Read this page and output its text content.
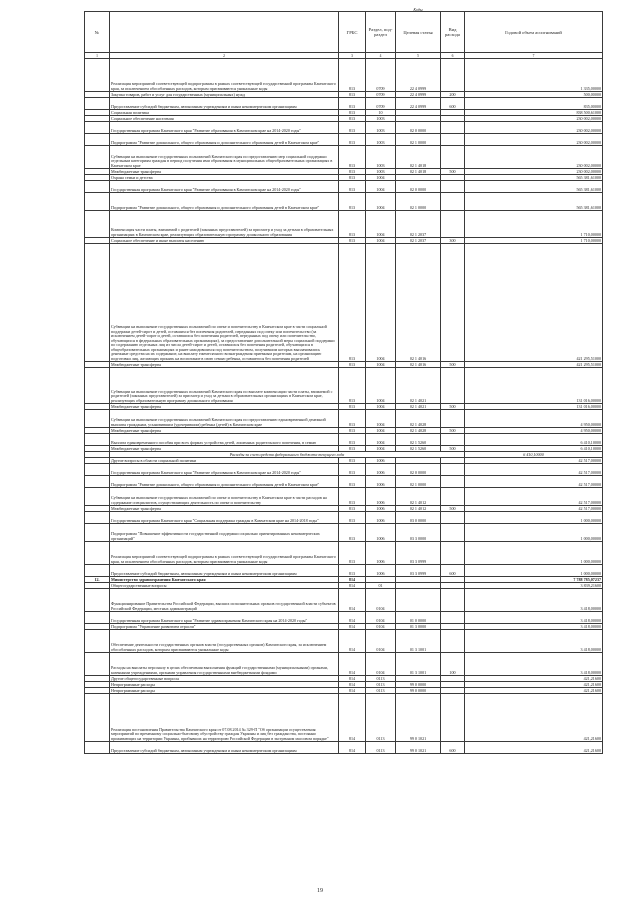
Коды
№		ГРБС	Раздел, под-раздел	Целевая статья	Вид расхода	Годовой объем ассигнований
1	2	3	4	5	6	7
	Реализация мероприятий соответствующей подпрограммы в рамках соответствующей государственной программы Камчатского края, за исключением обособленных расходов, которым присваиваются уникальные коды	813	0709	22 4 0999		1 335,00000
	Закупка товаров, работ и услуг для государственных (муниципальных) нужд	813	0709	22 4 0999	200	500,00000
	Предоставление субсидий бюджетным, автономным учреждениям и иным некоммерческим организациям	813	0709	22 4 0999	600	835,00000
	Социальная политика	813	10			838 500,61000
	Социальное обеспечение населения	813	1003			230 002,00000
	Государственная программа Камчатского края "Развитие образования в Камчатском крае на 2014-2020 годы"	813	1003	02 0 0000		230 002,00000
	Подпрограмма "Развитие дошкольного, общего образования и дополнительного образования детей в Камчатском крае"	813	1003	02 1 0000		230 002,00000
	Субвенции на выполнение государственных полномочий Камчатского края по предоставлению мер социальной поддержки отдельным категориям граждан в период получения ими образования в муниципальных общеобразовательных организациях в Камчатском крае	813	1003	02 1 4018		230 002,00000
	Межбюджетные трансферты	813	1003	02 1 4018	500	230 002,00000
	Охрана семьи и детства	813	1004			565 381,61000
	Государственная программа Камчатского края "Развитие образования в Камчатском крае на 2014-2020 годы"	813	1004	02 0 0000		565 381,61000
	Подпрограмма "Развитие дошкольного, общего образования и дополнительного образования детей в Камчатском крае"	813	1004	02 1 0000		565 381,61000
	Компенсация части платы, взимаемой с родителей (законных представителей) за присмотр и уход за детьми в образовательных организациях в Камчатском крае, реализующих образовательную программу дошкольного образования	813	1004	02 1 2037		1 710,00000
	Социальное обеспечение и иные выплаты населению	813	1004	02 1 2037	300	1 710,00000
	Субвенции на выполнение государственных полномочий по опеке и попечительству в Камчатском крае в части социальной поддержки детей-сирот и детей, оставшихся без попечения родителей, переданных под опеку или попечительство (за исключением детей-сирот и детей, оставшихся без попечения родителей, переданных под опеку или попечительство, обучающихся в федеральных образовательных организациях), за предоставление дополнительной меры социальной поддержки по содержанию отдельных лиц из числа детей-сирот и детей, оставшихся без попечения родителей, обучающихся в общеобразовательных организациях и ранее находившихся под попечительством, получившим которых выплачивались денежные средства на их содержание, на выплату ежемесячного вознаграждения приемным родителям, на организацию подготовки лиц, желающих принять на воспитание в свою семью ребенка, оставшегося без попечения родителей	813	1004	02 1 4016		421 295,51000
	Межбюджетные трансферты	813	1004	02 1 4016	500	421 295,51000
	Субвенции на выполнение государственных полномочий Камчатского края по выплате компенсации части платы, взимаемой с родителей (законных представителей) за присмотр и уход за детьми в образовательных организациях в Камчатском крае, реализующих образовательную программу дошкольного образования	813	1004	02 1 4021		131 016,00000
	Межбюджетные трансферты	813	1004	02 1 4021	500	131 016,00000
	Субвенции на выполнение государственных полномочий Камчатского края по предоставлению единовременной денежной выплаты гражданам, усыновившим (удочерившим) ребенка (детей) в Камчатском крае	813	1004	02 1 4028		4 950,00000
	Межбюджетные трансферты	813	1004	02 1 4028	500	4 950,00000
	Выплата единовременного пособия при всех формах устройства детей, лишенных родительского попечения, в семью	813	1004	02 1 5260		6 410,10000
	Межбюджетные трансферты	813	1004	02 1 5260	500	6 410,10000
	Расходы за счет средств федерального бюджета текущего года					6 410,10000
	Другие вопросы в области социальной политики	813	1006			42 517,00000
	Государственная программа Камчатского края "Развитие образования в Камчатском крае на 2014-2020 годы"	813	1006	02 0 0000		42 517,00000
	Подпрограмма "Развитие дошкольного, общего образования и дополнительного образования детей в Камчатском крае"	813	1006	02 1 0000		42 517,00000
	Субвенции на выполнение государственных полномочий по опеке и попечительству в Камчатском крае в части расходов на содержание специалистов, осуществляющих деятельность по опеке и попечительству	813	1006	02 1 4012		42 517,00000
	Межбюджетные трансферты	813	1006	02 1 4012	500	42 517,00000
	Государственная программа Камчатского края "Социальная поддержка граждан в Камчатском крае на 2014-2018 годы"	813	1006	03 0 0000		1 000,00000
	Подпрограмма "Повышение эффективности государственной поддержки социально ориентированных некоммерческих организаций"	813	1006	03 3 0000		1 000,00000
	Реализация мероприятий соответствующей подпрограммы в рамках соответствующей государственной программы Камчатского края, за исключением обособленных расходов, которым присваиваются уникальные коды	813	1006	03 3 0999		1 000,00000
	Предоставление субсидий бюджетным, автономным учреждениям и иным некоммерческим организациям	813	1006	03 3 0999	600	1 000,00000
12.	Министерство здравоохранения Камчатского края	814				7 788 785,07237
	Общегосударственные вопросы	814	01			3 839,21600
	Функционирование Правительства Российской Федерации, высших исполнительных органов государственной власти субъектов Российской Федерации, местных администраций	814	0104			3 418,00000
	Государственная программа Камчатского края "Развитие здравоохранения Камчатского края на 2014-2020 годы"	814	0104	01 0 0000		3 418,00000
	Подпрограмма "Управление развитием отрасли"	814	0104	01 3 0000		3 418,00000
	Обеспечение деятельности государственных органов власти (государственных органов) Камчатского края, за исключением обособленных расходов, которым присваиваются уникальные коды	814	0104	01 3 1001		3 418,00000
	Расходы на выплаты персоналу в целях обеспечения выполнения функций государственными (муниципальными) органами, казенными учреждениями, органами управления государственными внебюджетными фондами	814	0104	01 3 1001	100	3 418,00000
	Другие общегосударственные вопросы	814	0113			421,21600
	Непрограммные расходы	814	0113	99 0 0000		421,21600
	Непрограммные расходы	814	0113	99 0 0000		421,21600
	Реализация постановления Правительства Камчатского края от 07.08.2014 № 329-П "Об организации осуществления мероприятий по временному социально-бытовому обустройству граждан Украины и лиц без гражданства, постоянно проживающих на территории Украины, прибывших на территорию Российской Федерации в экстренном массовом порядке"	814	0113	99 0 1021		421,21600
	Предоставление субсидий бюджетным, автономным учреждениям и иным некоммерческим организациям	814	0113	99 0 1021	600	421,21600
19
